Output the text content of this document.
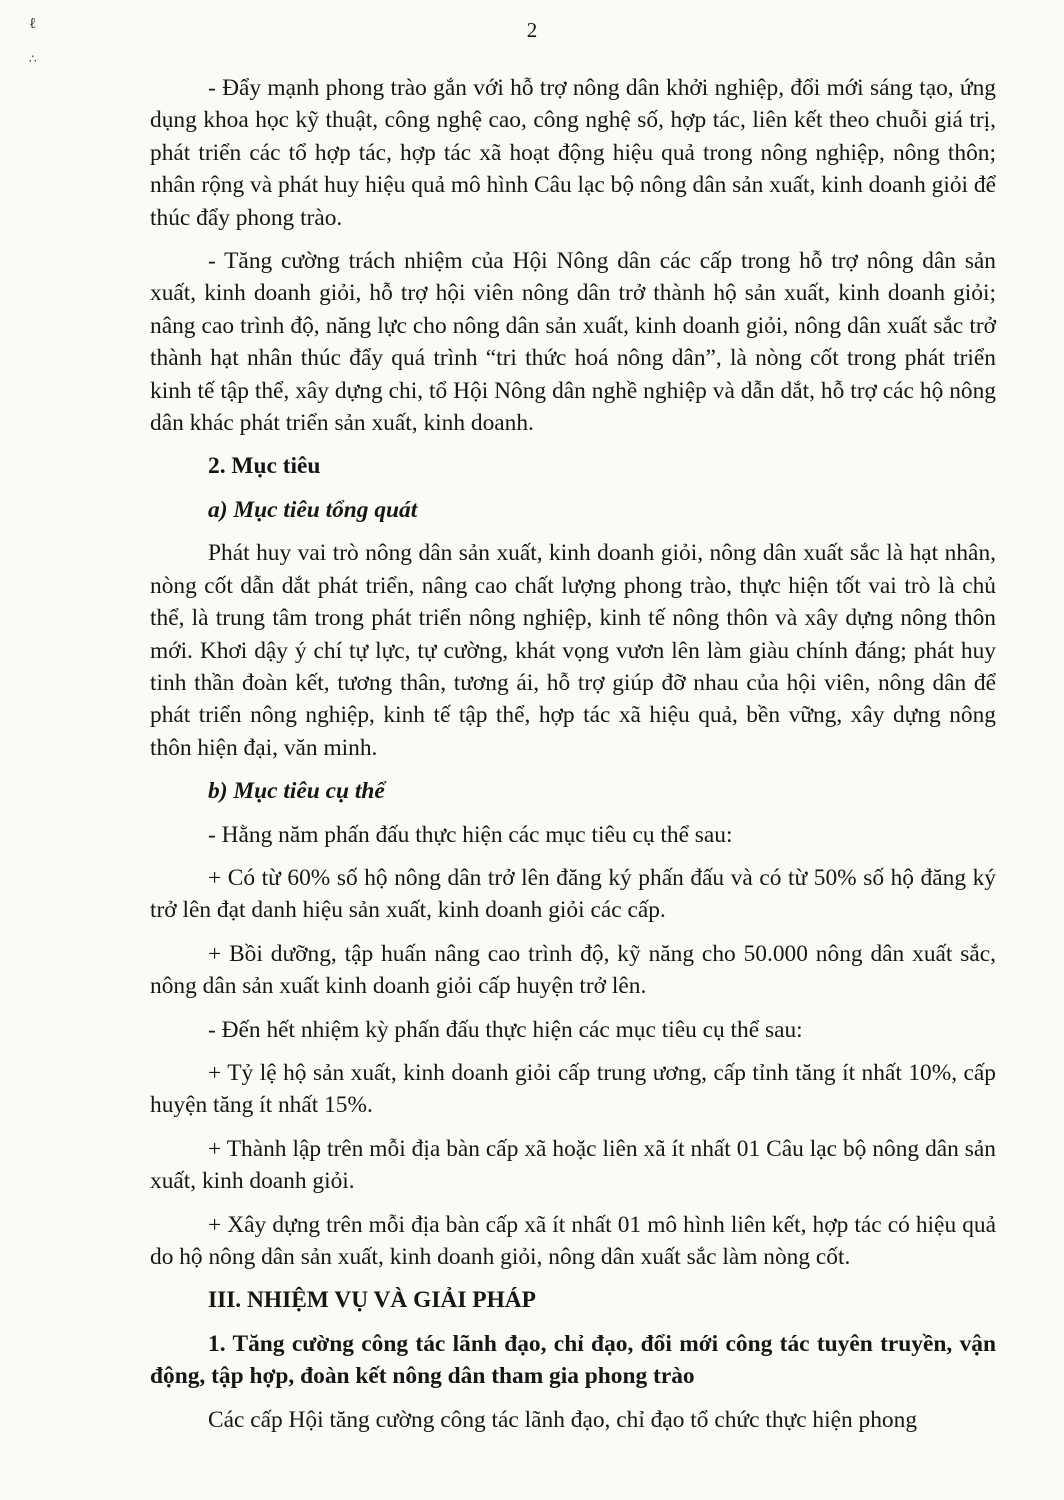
ℓ
∴
2

- Đẩy mạnh phong trào gắn với hỗ trợ nông dân khởi nghiệp, đổi mới sáng tạo, ứng dụng khoa học kỹ thuật, công nghệ cao, công nghệ số, hợp tác, liên kết theo chuỗi giá trị, phát triển các tổ hợp tác, hợp tác xã hoạt động hiệu quả trong nông nghiệp, nông thôn; nhân rộng và phát huy hiệu quả mô hình Câu lạc bộ nông dân sản xuất, kinh doanh giỏi để thúc đẩy phong trào.

- Tăng cường trách nhiệm của Hội Nông dân các cấp trong hỗ trợ nông dân sản xuất, kinh doanh giỏi, hỗ trợ hội viên nông dân trở thành hộ sản xuất, kinh doanh giỏi; nâng cao trình độ, năng lực cho nông dân sản xuất, kinh doanh giỏi, nông dân xuất sắc trở thành hạt nhân thúc đẩy quá trình “tri thức hoá nông dân”, là nòng cốt trong phát triển kinh tế tập thể, xây dựng chi, tổ Hội Nông dân nghề nghiệp và dẫn dắt, hỗ trợ các hộ nông dân khác phát triển sản xuất, kinh doanh.

2. Mục tiêu

a) Mục tiêu tổng quát

Phát huy vai trò nông dân sản xuất, kinh doanh giỏi, nông dân xuất sắc là hạt nhân, nòng cốt dẫn dắt phát triển, nâng cao chất lượng phong trào, thực hiện tốt vai trò là chủ thể, là trung tâm trong phát triển nông nghiệp, kinh tế nông thôn và xây dựng nông thôn mới. Khơi dậy ý chí tự lực, tự cường, khát vọng vươn lên làm giàu chính đáng; phát huy tinh thần đoàn kết, tương thân, tương ái, hỗ trợ giúp đỡ nhau của hội viên, nông dân để phát triển nông nghiệp, kinh tế tập thể, hợp tác xã hiệu quả, bền vững, xây dựng nông thôn hiện đại, văn minh.

b) Mục tiêu cụ thể

- Hằng năm phấn đấu thực hiện các mục tiêu cụ thể sau:

+ Có từ 60% số hộ nông dân trở lên đăng ký phấn đấu và có từ 50% số hộ đăng ký trở lên đạt danh hiệu sản xuất, kinh doanh giỏi các cấp.

+ Bồi dưỡng, tập huấn nâng cao trình độ, kỹ năng cho 50.000 nông dân xuất sắc, nông dân sản xuất kinh doanh giỏi cấp huyện trở lên.

- Đến hết nhiệm kỳ phấn đấu thực hiện các mục tiêu cụ thể sau:

+ Tỷ lệ hộ sản xuất, kinh doanh giỏi cấp trung ương, cấp tỉnh tăng ít nhất 10%, cấp huyện tăng ít nhất 15%.

+ Thành lập trên mỗi địa bàn cấp xã hoặc liên xã ít nhất 01 Câu lạc bộ nông dân sản xuất, kinh doanh giỏi.

+ Xây dựng trên mỗi địa bàn cấp xã ít nhất 01 mô hình liên kết, hợp tác có hiệu quả do hộ nông dân sản xuất, kinh doanh giỏi, nông dân xuất sắc làm nòng cốt.

III. NHIỆM VỤ VÀ GIẢI PHÁP

1. Tăng cường công tác lãnh đạo, chỉ đạo, đổi mới công tác tuyên truyền, vận động, tập hợp, đoàn kết nông dân tham gia phong trào

Các cấp Hội tăng cường công tác lãnh đạo, chỉ đạo tổ chức thực hiện phong
